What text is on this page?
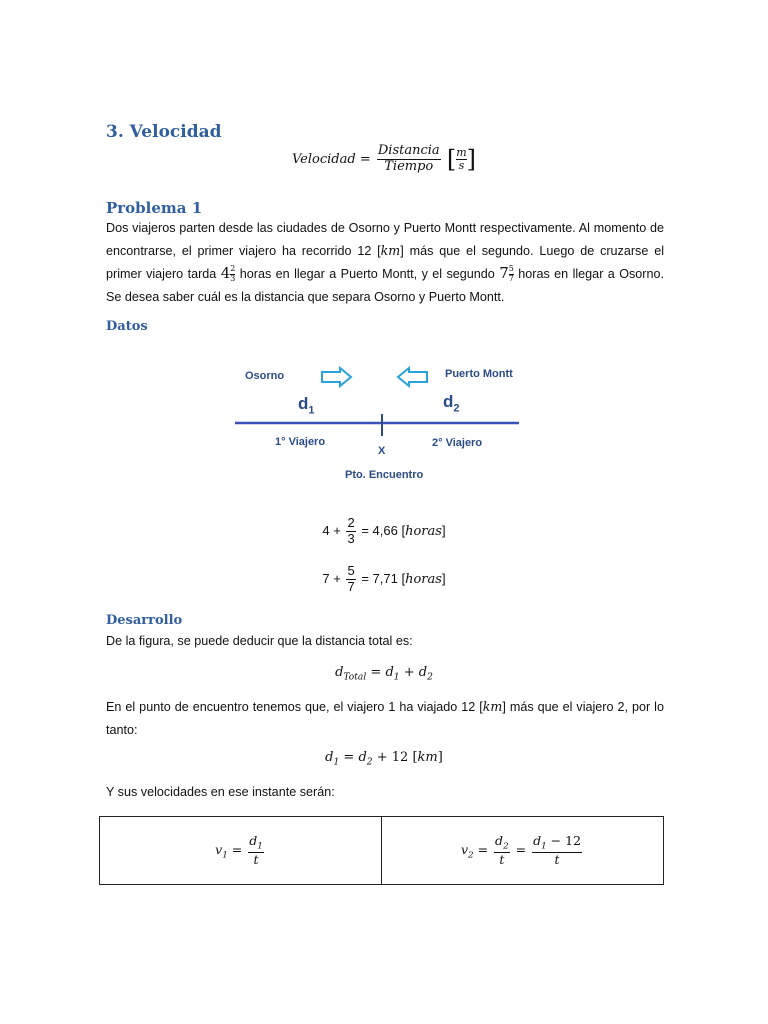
3. Velocidad
Velocidad = $\frac{\text{Distancia}}{\text{Tiempo}}$ [ $\frac{m}{s}$ ]
Problema 1
Dos viajeros parten desde las ciudades de Osorno y Puerto Montt respectivamente. Al momento de encontrarse, el primer viajero ha recorrido 12 [km] más que el segundo. Luego de cruzarse el primer viajero tarda $4 \frac{2}{3}$ horas en llegar a Puerto Montt, y el segundo $7 \frac{5}{7}$ horas en llegar a Osorno. Se desea saber cuál es la distancia que separa Osorno y Puerto Montt.
Datos
Osorno	Puerto Montt
$d_1$	$d_2$
1° Viajero	2° Viajero
X
Pto. Encuentro
$4 + \frac{2}{3} = 4,66$ [horas]
$7 + \frac{5}{7} = 7,71$ [horas]
Desarrollo
De la figura, se puede deducir que la distancia total es:
$d_{Total} = d_1 + d_2$
En el punto de encuentro tenemos que, el viajero 1 ha viajado 12 [km] más que el viajero 2, por lo tanto:
$d_1 = d_2 + 12$ [km]
Y sus velocidades en ese instante serán:
$v_1 = \frac{d_1}{t}$	$v_2 = \frac{d_2}{t} = \frac{d_1 - 12}{t}$
